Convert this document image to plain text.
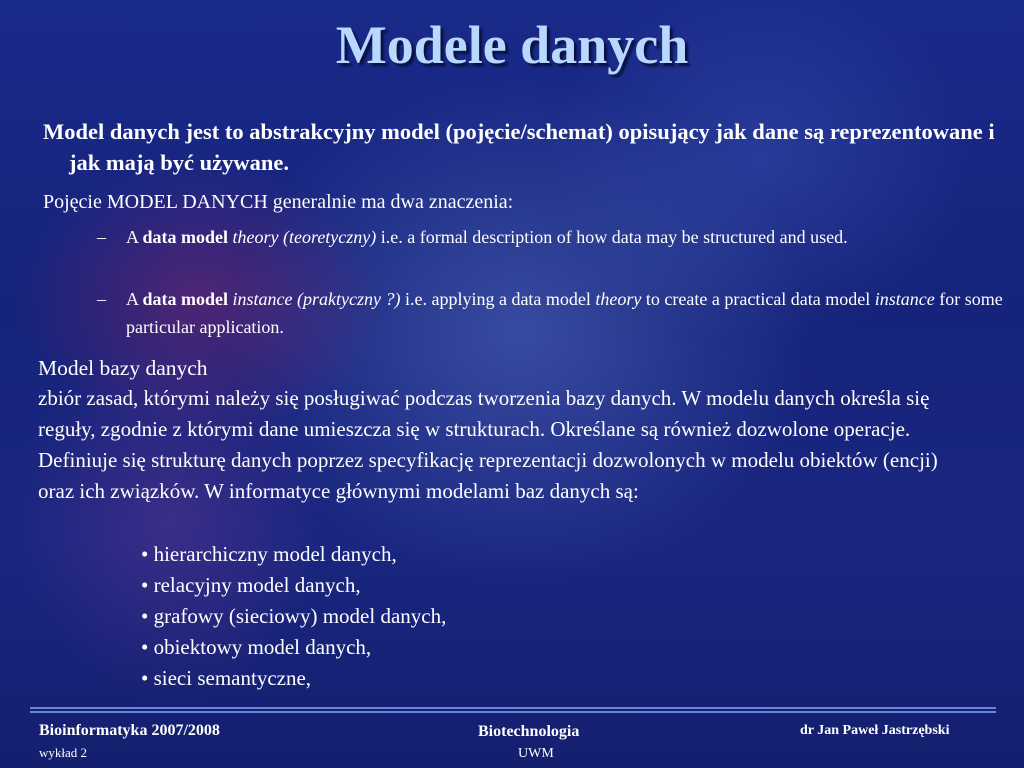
Modele danych
Model danych jest to abstrakcyjny model (pojęcie/schemat) opisujący jak dane są reprezentowane i jak mają być używane.
Pojęcie MODEL DANYCH generalnie ma dwa znaczenia:
– A data model theory (teoretyczny) i.e. a formal description of how data may be structured and used.
– A data model instance (praktyczny ?) i.e. applying a data model theory to create a practical data model instance for some particular application.
Model bazy danych
zbiór zasad, którymi należy się posługiwać podczas tworzenia bazy danych. W modelu danych określa się reguły, zgodnie z którymi dane umieszcza się w strukturach. Określane są również dozwolone operacje. Definiuje się strukturę danych poprzez specyfikację reprezentacji dozwolonych w modelu obiektów (encji) oraz ich związków. W informatyce głównymi modelami baz danych są:
• hierarchiczny model danych,
• relacyjny model danych,
• grafowy (sieciowy) model danych,
• obiektowy model danych,
• sieci semantyczne,
Bioinformatyka 2007/2008
wykład 2
Biotechnologia
UWM
dr Jan Paweł Jastrzębski
